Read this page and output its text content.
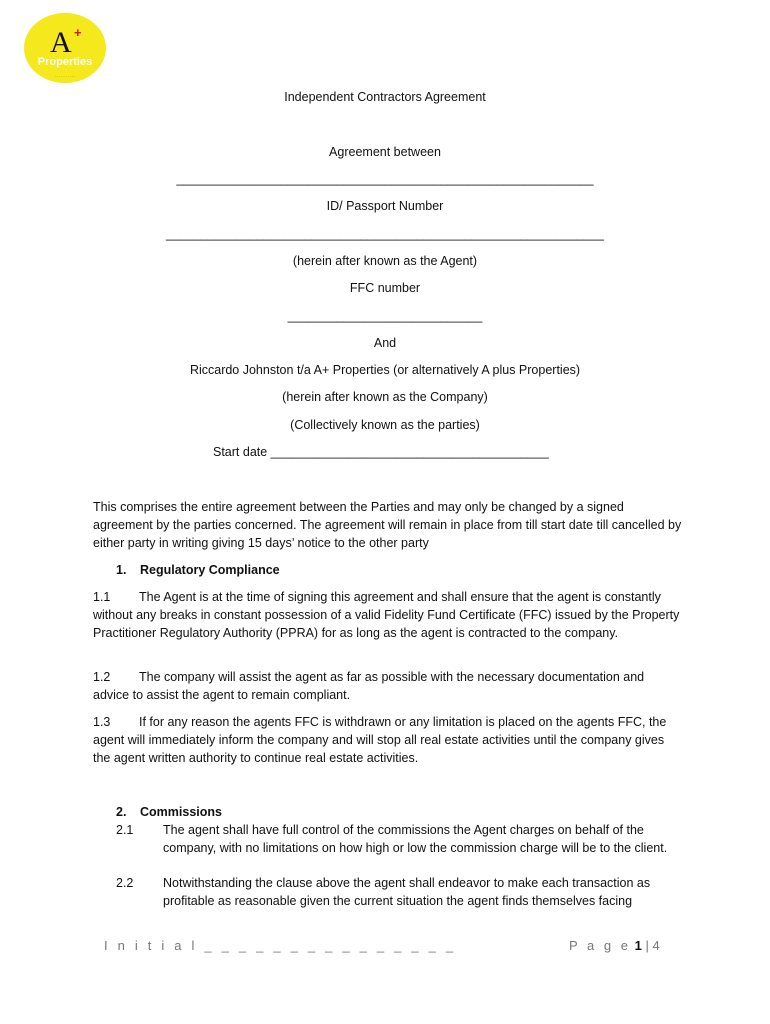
A +
Properties
· · · · · · · · · ·
Independent Contractors Agreement
Agreement between
____________________________________________________________
ID/ Passport Number
_______________________________________________________________
(herein after known as the Agent)
FFC number
____________________________
And
Riccardo Johnston t/a A+ Properties (or alternatively A plus Properties)
(herein after known as the Company)
(Collectively known as the parties)
Start date ________________________________________
This comprises the entire agreement between the Parties and may only be changed by a signed agreement by the parties concerned. The agreement will remain in place from till start date till cancelled by either party in writing giving 15 days’ notice to the other party
1. Regulatory Compliance
1.1 The Agent is at the time of signing this agreement and shall ensure that the agent is constantly without any breaks in constant possession of a valid Fidelity Fund Certificate (FFC) issued by the Property Practitioner Regulatory Authority (PPRA) for as long as the agent is contracted to the company.
1.2 The company will assist the agent as far as possible with the necessary documentation and advice to assist the agent to remain compliant.
1.3 If for any reason the agents FFC is withdrawn or any limitation is placed on the agents FFC, the agent will immediately inform the company and will stop all real estate activities until the company gives the agent written authority to continue real estate activities.
2. Commissions
2.1 The agent shall have full control of the commissions the Agent charges on behalf of the company, with no limitations on how high or low the commission charge will be to the client.
2.2 Notwithstanding the clause above the agent shall endeavor to make each transaction as profitable as reasonable given the current situation the agent finds themselves facing
I n i t i a l _ _ _ _ _ _ _ _ _ _ _ _ _ _ _	P a g e 1 | 4
